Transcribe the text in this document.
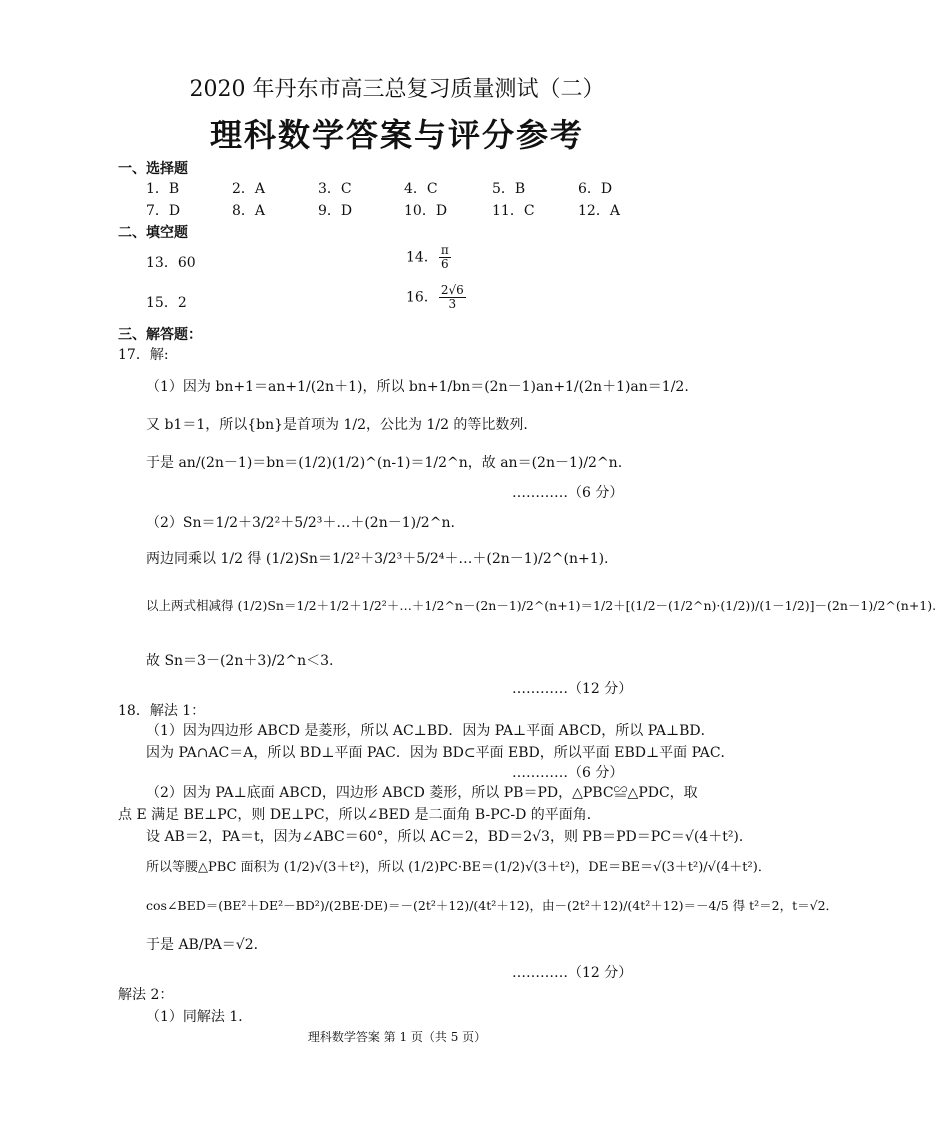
2020 年丹东市高三总复习质量测试（二）
理科数学答案与评分参考
一、选择题
1．B	2．A	3．C	4．C	5．B	6．D
7．D	8．A	9．D	10．D	11．C	12．A
二、填空题
13．60	14． $\frac{\pi}{6}$
15．2	16． $\frac{2√6}{3}$
三、解答题：
17．解:
（1）因为 bn+1＝an+1/(2n＋1)，所以 bn+1/bn＝(2n－1)an+1/(2n＋1)an＝1/2.
又 b1＝1，所以{bn}是首项为 1/2，公比为 1/2 的等比数列.
于是 an/(2n－1)＝bn＝(1/2)(1/2)^(n-1)＝1/2^n，故 an＝(2n－1)/2^n.
…………（6 分）
（2）Sn＝1/2＋3/2²＋5/2³＋…＋(2n－1)/2^n.
两边同乘以 1/2 得 (1/2)Sn＝1/2²＋3/2³＋5/2⁴＋…＋(2n－1)/2^(n+1).
以上两式相减得 (1/2)Sn＝1/2＋1/2＋1/2²＋…＋1/2^n－(2n－1)/2^(n+1)＝1/2＋[(1/2－(1/2^n)·(1/2))/(1－1/2)]－(2n－1)/2^(n+1).
故 Sn＝3－(2n＋3)/2^n＜3.
…………（12 分）
18．解法 1：
（1）因为四边形 ABCD 是菱形，所以 AC⊥BD．因为 PA⊥平面 ABCD，所以 PA⊥BD．
因为 PA∩AC＝A，所以 BD⊥平面 PAC．因为 BD⊂平面 EBD，所以平面 EBD⊥平面 PAC．
…………（6 分）
（2）因为 PA⊥底面 ABCD，四边形 ABCD 菱形，所以 PB＝PD，△PBC≌△PDC，取
点 E 满足 BE⊥PC，则 DE⊥PC，所以∠BED 是二面角 B-PC-D 的平面角．
设 AB＝2，PA＝t，因为∠ABC＝60°，所以 AC＝2，BD＝2√3，则 PB＝PD＝PC＝√(4＋t²)．
所以等腰△PBC 面积为 (1/2)√(3＋t²)，所以 (1/2)PC·BE＝(1/2)√(3＋t²)，DE＝BE＝√(3＋t²)/√(4＋t²)．
cos∠BED＝(BE²＋DE²－BD²)/(2BE·DE)＝－(2t²＋12)/(4t²＋12)，由－(2t²＋12)/(4t²＋12)＝－4/5 得 t²＝2，t＝√2．
于是 AB/PA＝√2．
…………（12 分）
解法 2：
（1）同解法 1．
理科数学答案 第 1 页（共 5 页）
